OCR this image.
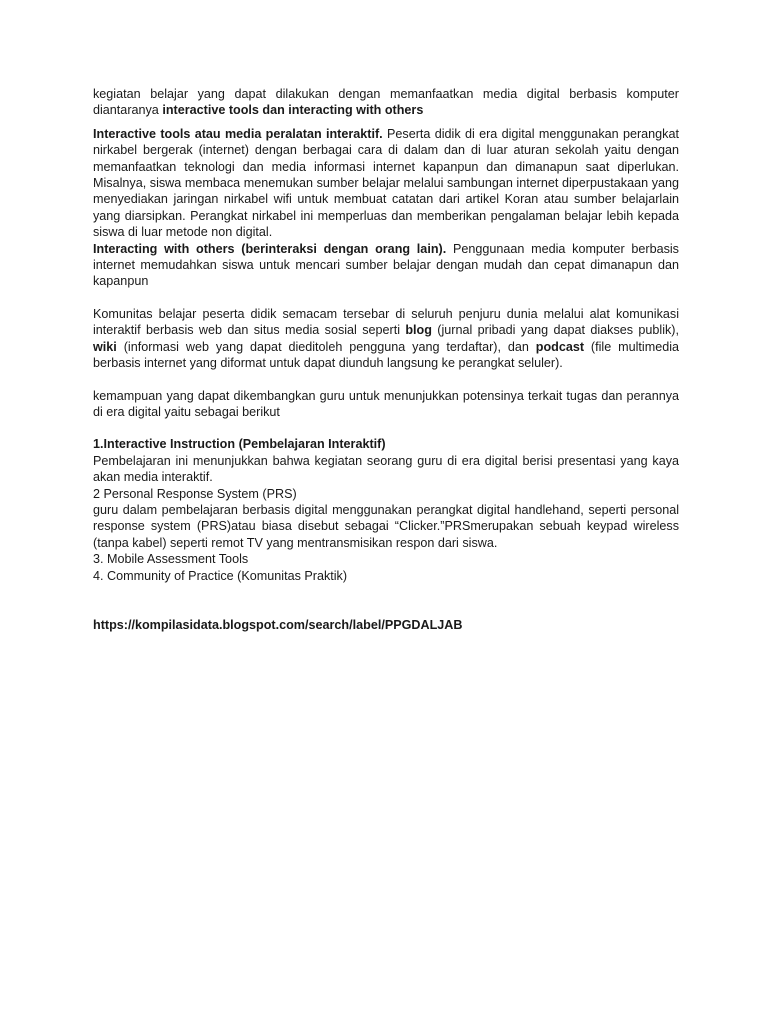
kegiatan belajar yang dapat dilakukan dengan memanfaatkan media digital berbasis komputer diantaranya interactive tools dan interacting with others

Interactive tools atau media peralatan interaktif. Peserta didik di era digital menggunakan perangkat nirkabel bergerak (internet) dengan berbagai cara di dalam dan di luar aturan sekolah yaitu dengan memanfaatkan teknologi dan media informasi internet kapanpun dan dimanapun saat diperlukan. Misalnya, siswa membaca menemukan sumber belajar melalui sambungan internet diperpustakaan yang menyediakan jaringan nirkabel wifi untuk membuat catatan dari artikel Koran atau sumber belajarlain yang diarsipkan. Perangkat nirkabel ini memperluas dan memberikan pengalaman belajar lebih kepada siswa di luar metode non digital.

Interacting with others (berinteraksi dengan orang lain). Penggunaan media komputer berbasis internet memudahkan siswa untuk mencari sumber belajar dengan mudah dan cepat dimanapun dan kapanpun

Komunitas belajar peserta didik semacam tersebar di seluruh penjuru dunia melalui alat komunikasi interaktif berbasis web dan situs media sosial seperti blog (jurnal pribadi yang dapat diakses publik), wiki (informasi web yang dapat dieditoleh pengguna yang terdaftar), dan podcast (file multimedia berbasis internet yang diformat untuk dapat diunduh langsung ke perangkat seluler).

kemampuan yang dapat dikembangkan guru untuk menunjukkan potensinya terkait tugas dan perannya di era digital yaitu sebagai berikut

1.Interactive Instruction (Pembelajaran Interaktif)
Pembelajaran ini menunjukkan bahwa kegiatan seorang guru di era digital berisi presentasi yang kaya akan media interaktif.
2 Personal Response System (PRS)
guru dalam pembelajaran berbasis digital menggunakan perangkat digital handlehand, seperti personal response system (PRS)atau biasa disebut sebagai “Clicker.”PRSmerupakan sebuah keypad wireless (tanpa kabel) seperti remot TV yang mentransmisikan respon dari siswa.
3. Mobile Assessment Tools
4. Community of Practice (Komunitas Praktik)
https://kompilasidata.blogspot.com/search/label/PPGDALJAB
